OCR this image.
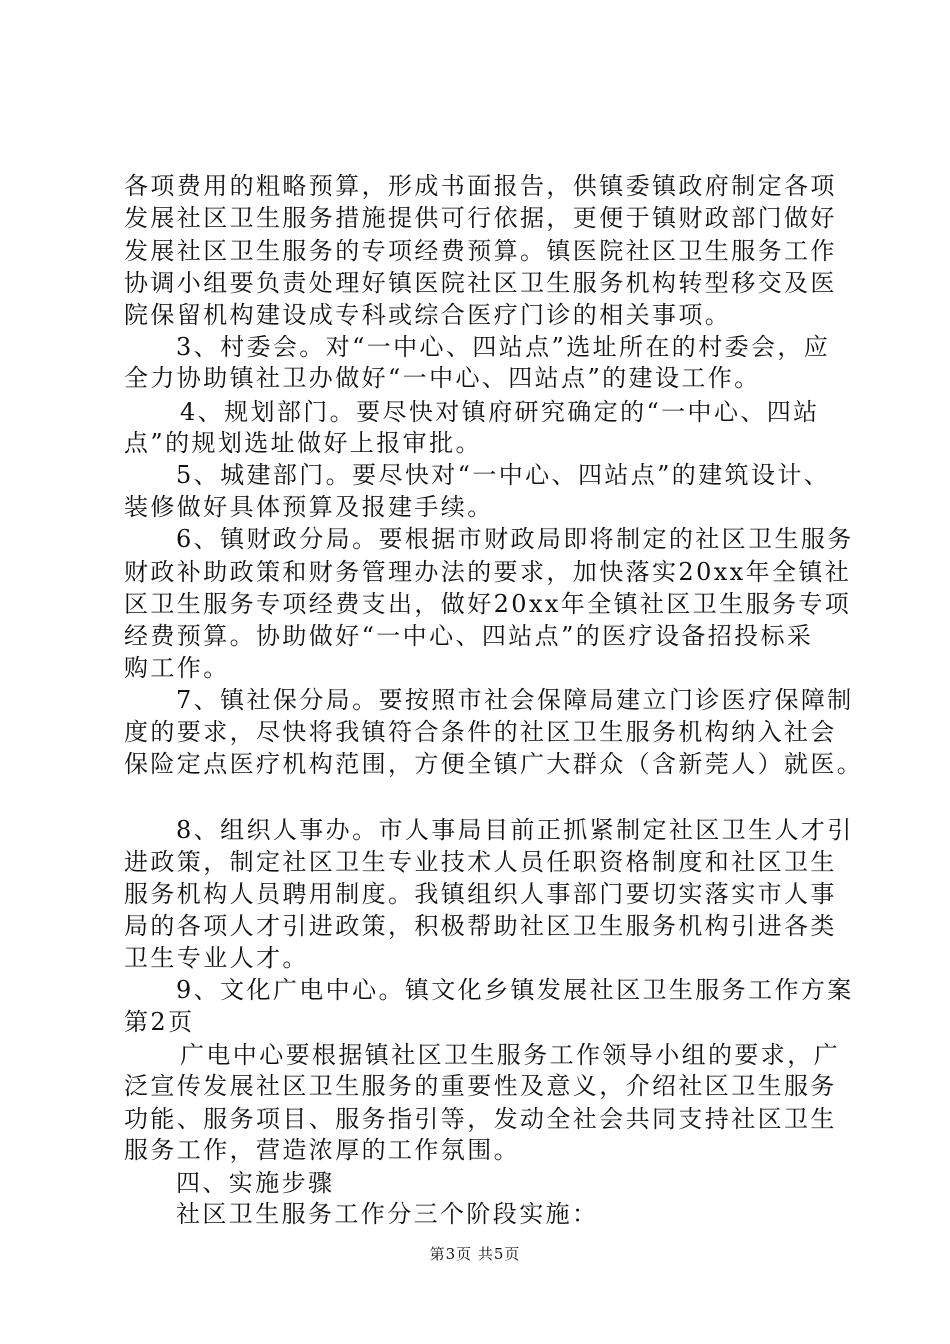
各项费用的粗略预算，形成书面报告，供镇委镇政府制定各项
发展社区卫生服务措施提供可行依据，更便于镇财政部门做好
发展社区卫生服务的专项经费预算。镇医院社区卫生服务工作
协调小组要负责处理好镇医院社区卫生服务机构转型移交及医
院保留机构建设成专科或综合医疗门诊的相关事项。
3、村委会。对“一中心、四站点”选址所在的村委会，应
全力协助镇社卫办做好“一中心、四站点”的建设工作。
4、规划部门。要尽快对镇府研究确定的“一中心、四站
点”的规划选址做好上报审批。
5、城建部门。要尽快对“一中心、四站点”的建筑设计、
装修做好具体预算及报建手续。
6、镇财政分局。要根据市财政局即将制定的社区卫生服务
财政补助政策和财务管理办法的要求，加快落实20xx年全镇社
区卫生服务专项经费支出，做好20xx年全镇社区卫生服务专项
经费预算。协助做好“一中心、四站点”的医疗设备招投标采
购工作。
7、镇社保分局。要按照市社会保障局建立门诊医疗保障制
度的要求，尽快将我镇符合条件的社区卫生服务机构纳入社会
保险定点医疗机构范围，方便全镇广大群众（含新莞人）就医。
8、组织人事办。市人事局目前正抓紧制定社区卫生人才引
进政策，制定社区卫生专业技术人员任职资格制度和社区卫生
服务机构人员聘用制度。我镇组织人事部门要切实落实市人事
局的各项人才引进政策，积极帮助社区卫生服务机构引进各类
卫生专业人才。
9、文化广电中心。镇文化乡镇发展社区卫生服务工作方案
第2页
广电中心要根据镇社区卫生服务工作领导小组的要求，广
泛宣传发展社区卫生服务的重要性及意义，介绍社区卫生服务
功能、服务项目、服务指引等，发动全社会共同支持社区卫生
服务工作，营造浓厚的工作氛围。
四、实施步骤
社区卫生服务工作分三个阶段实施：
第3页 共5页
